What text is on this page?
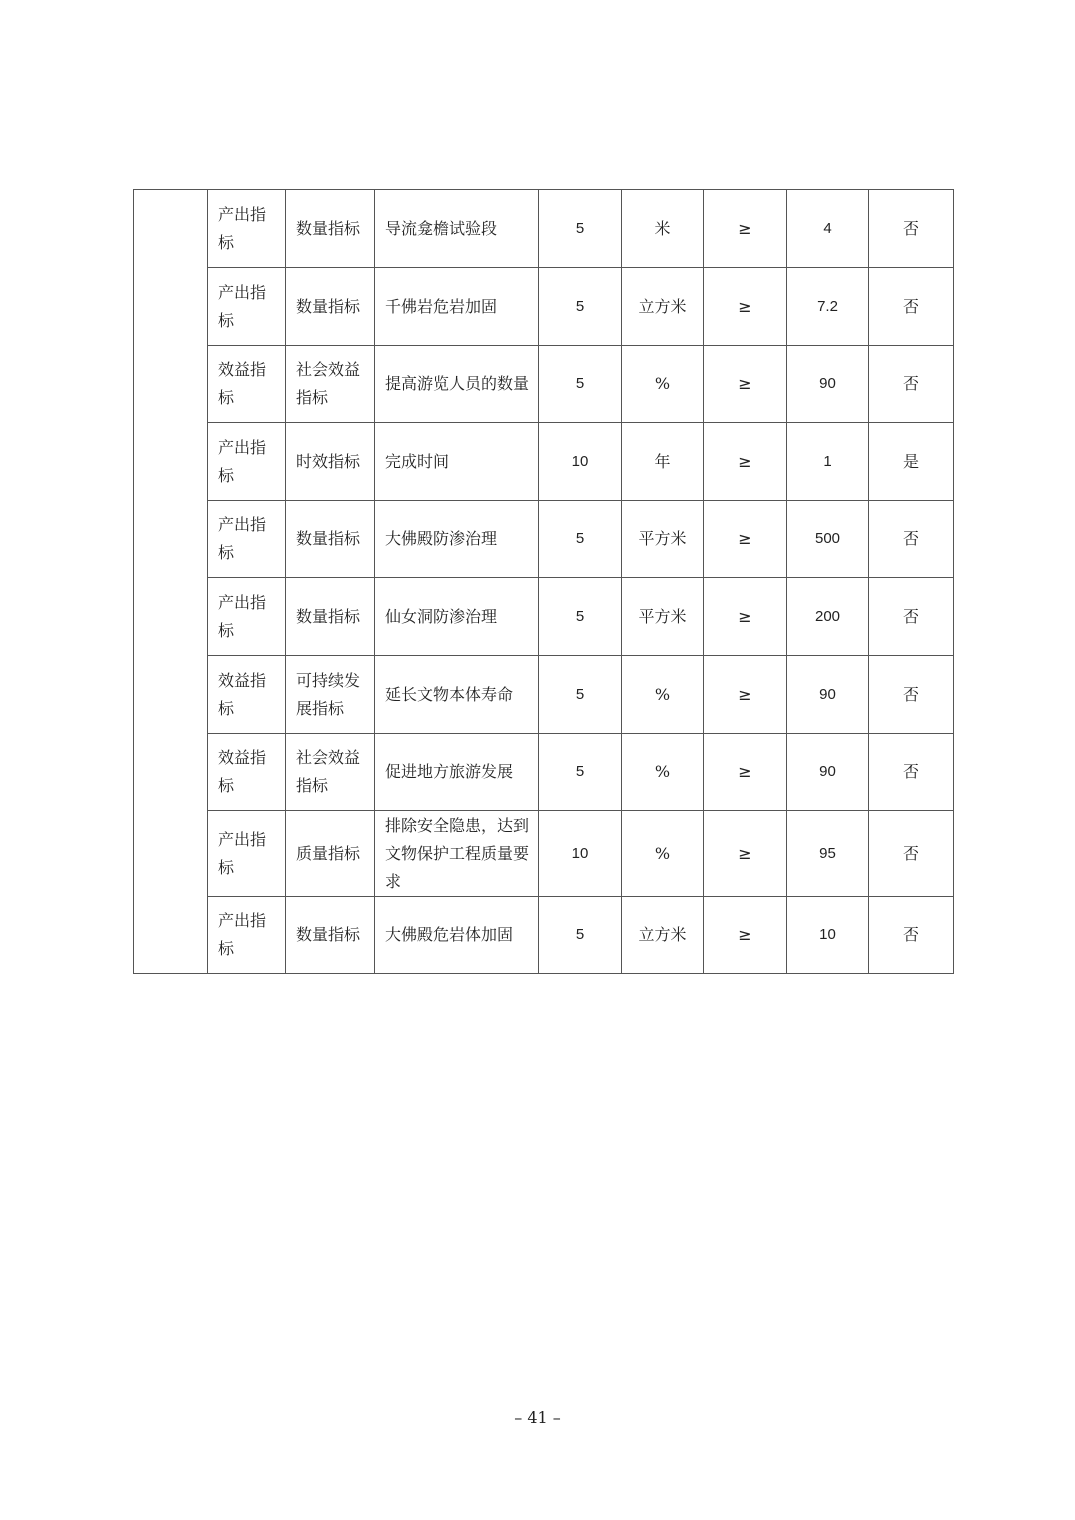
	产出指标	数量指标	导流龛檐试验段	5	米	≥	4	否
	产出指标	数量指标	千佛岩危岩加固	5	立方米	≥	7.2	否
	效益指标	社会效益指标	提高游览人员的数量	5	%	≥	90	否
	产出指标	时效指标	完成时间	10	年	≥	1	是
	产出指标	数量指标	大佛殿防渗治理	5	平方米	≥	500	否
	产出指标	数量指标	仙女洞防渗治理	5	平方米	≥	200	否
	效益指标	可持续发展指标	延长文物本体寿命	5	%	≥	90	否
	效益指标	社会效益指标	促进地方旅游发展	5	%	≥	90	否
	产出指标	质量指标	排除安全隐患，达到文物保护工程质量要求	10	%	≥	95	否
	产出指标	数量指标	大佛殿危岩体加固	5	立方米	≥	10	否
– 41 –
